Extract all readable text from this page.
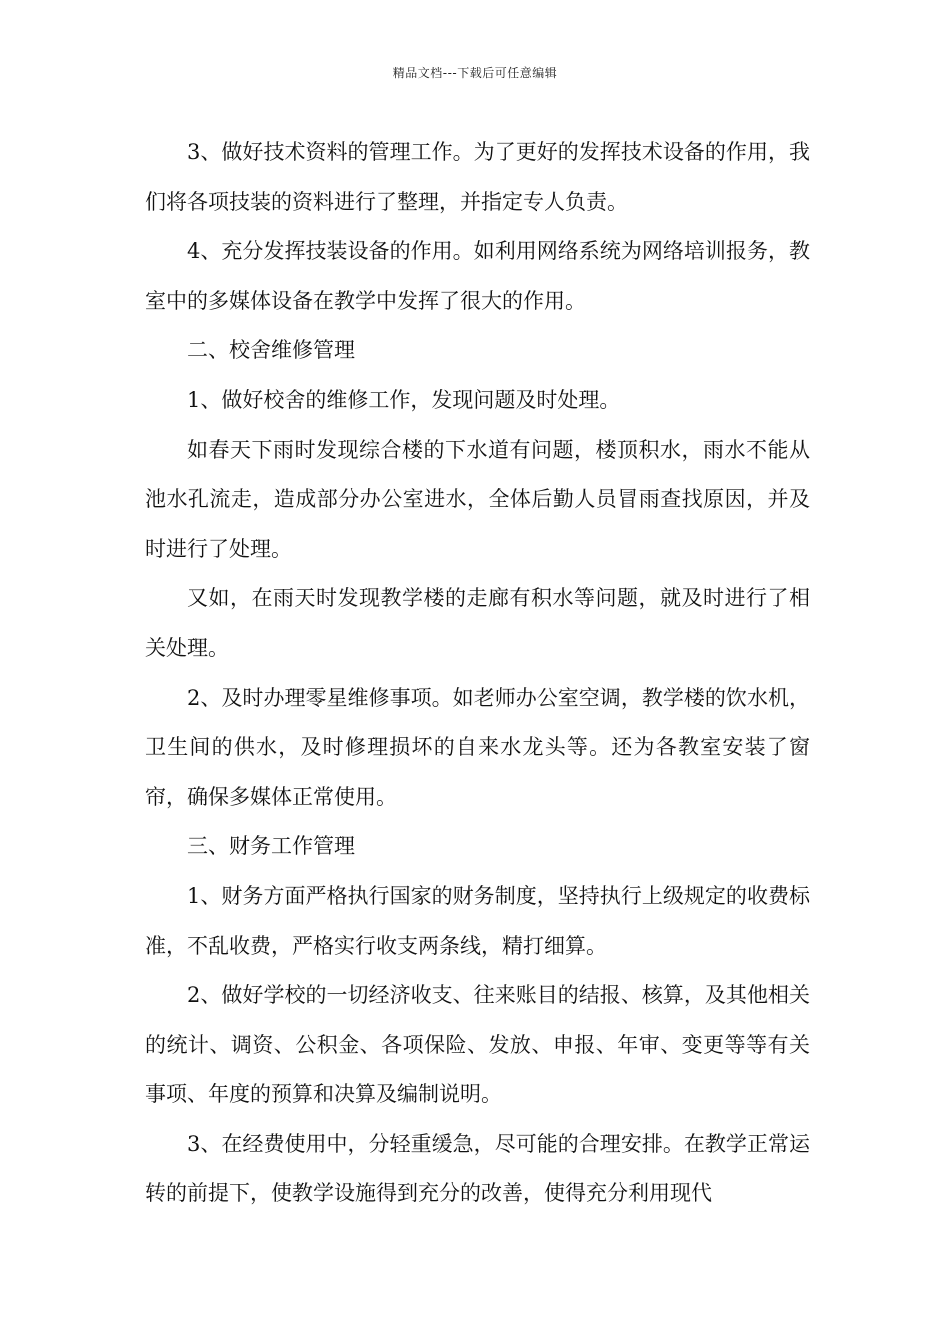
精品文档---下载后可任意编辑

3、做好技术资料的管理工作。为了更好的发挥技术设备的作用，我们将各项技装的资料进行了整理，并指定专人负责。

4、充分发挥技装设备的作用。如利用网络系统为网络培训报务，教室中的多媒体设备在教学中发挥了很大的作用。

二、校舍维修管理

1、做好校舍的维修工作，发现问题及时处理。

如春天下雨时发现综合楼的下水道有问题，楼顶积水，雨水不能从池水孔流走，造成部分办公室进水，全体后勤人员冒雨查找原因，并及时进行了处理。

又如，在雨天时发现教学楼的走廊有积水等问题，就及时进行了相关处理。

2、及时办理零星维修事项。如老师办公室空调，教学楼的饮水机，卫生间的供水，及时修理损坏的自来水龙头等。还为各教室安装了窗帘，确保多媒体正常使用。

三、财务工作管理

1、财务方面严格执行国家的财务制度，坚持执行上级规定的收费标准，不乱收费，严格实行收支两条线，精打细算。

2、做好学校的一切经济收支、往来账目的结报、核算，及其他相关的统计、调资、公积金、各项保险、发放、申报、年审、变更等等有关事项、年度的预算和决算及编制说明。

3、在经费使用中，分轻重缓急，尽可能的合理安排。在教学正常运转的前提下，使教学设施得到充分的改善，使得充分利用现代
